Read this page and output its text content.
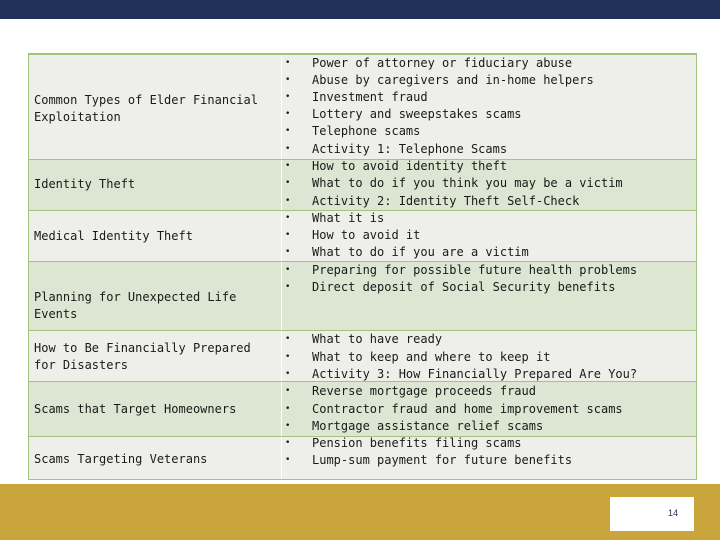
Common Types of Elder Financial Exploitation
Identity Theft
Medical Identity Theft
Planning for Unexpected Life Events
How to Be Financially Prepared for Disasters
Scams that Target Homeowners
Scams Targeting Veterans
• Power of attorney or fiduciary abuse
• Abuse by caregivers and in-home helpers
• Investment fraud
• Lottery and sweepstakes scams
• Telephone scams
• Activity 1: Telephone Scams
• How to avoid identity theft
• What to do if you think you may be a victim
• Activity 2: Identity Theft Self-Check
• What it is
• How to avoid it
• What to do if you are a victim
• Preparing for possible future health problems
• Direct deposit of Social Security benefits
• What to have ready
• What to keep and where to keep it
• Activity 3: How Financially Prepared Are You?
• Reverse mortgage proceeds fraud
• Contractor fraud and home improvement scams
• Mortgage assistance relief scams
• Pension benefits filing scams
• Lump-sum payment for future benefits
14
